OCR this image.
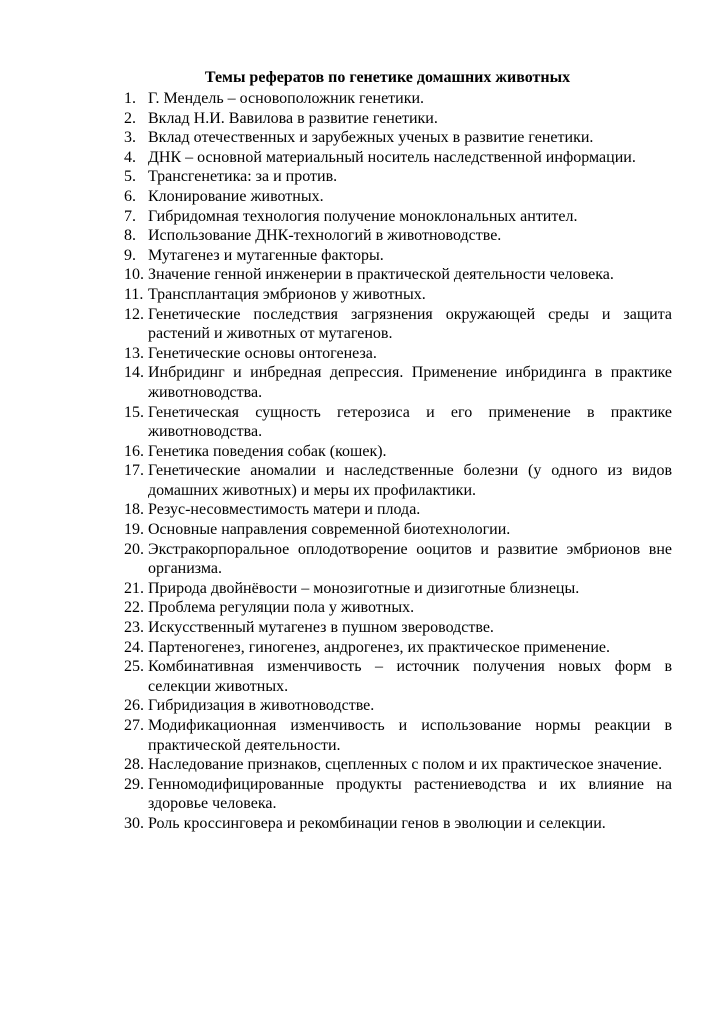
Темы рефератов по генетике домашних животных
1. Г. Мендель – основоположник генетики.
2. Вклад Н.И. Вавилова в развитие генетики.
3. Вклад отечественных и зарубежных ученых в развитие генетики.
4. ДНК – основной материальный носитель наследственной информации.
5. Трансгенетика: за и против.
6. Клонирование животных.
7. Гибридомная технология получение моноклональных антител.
8. Использование ДНК-технологий в животноводстве.
9. Мутагенез и мутагенные факторы.
10. Значение генной инженерии в практической деятельности человека.
11. Трансплантация эмбрионов у животных.
12. Генетические последствия загрязнения окружающей среды и защита растений и животных от мутагенов.
13. Генетические основы онтогенеза.
14. Инбридинг и инбредная депрессия. Применение инбридинга в практике животноводства.
15. Генетическая сущность гетерозиса и его применение в практике животноводства.
16. Генетика поведения собак (кошек).
17. Генетические аномалии и наследственные болезни (у одного из видов домашних животных) и меры их профилактики.
18. Резус-несовместимость матери и плода.
19. Основные направления современной биотехнологии.
20. Экстракорпоральное оплодотворение ооцитов и развитие эмбрионов вне организма.
21. Природа двойнёвости – монозиготные и дизиготные близнецы.
22. Проблема регуляции пола у животных.
23. Искусственный мутагенез в пушном звероводстве.
24. Партеногенез, гиногенез, андрогенез, их практическое применение.
25. Комбинативная изменчивость – источник получения новых форм в селекции животных.
26. Гибридизация в животноводстве.
27. Модификационная изменчивость и использование нормы реакции в практической деятельности.
28. Наследование признаков, сцепленных с полом и их практическое значение.
29. Генномодифицированные продукты растениеводства и их влияние на здоровье человека.
30. Роль кроссинговера и рекомбинации генов в эволюции и селекции.
